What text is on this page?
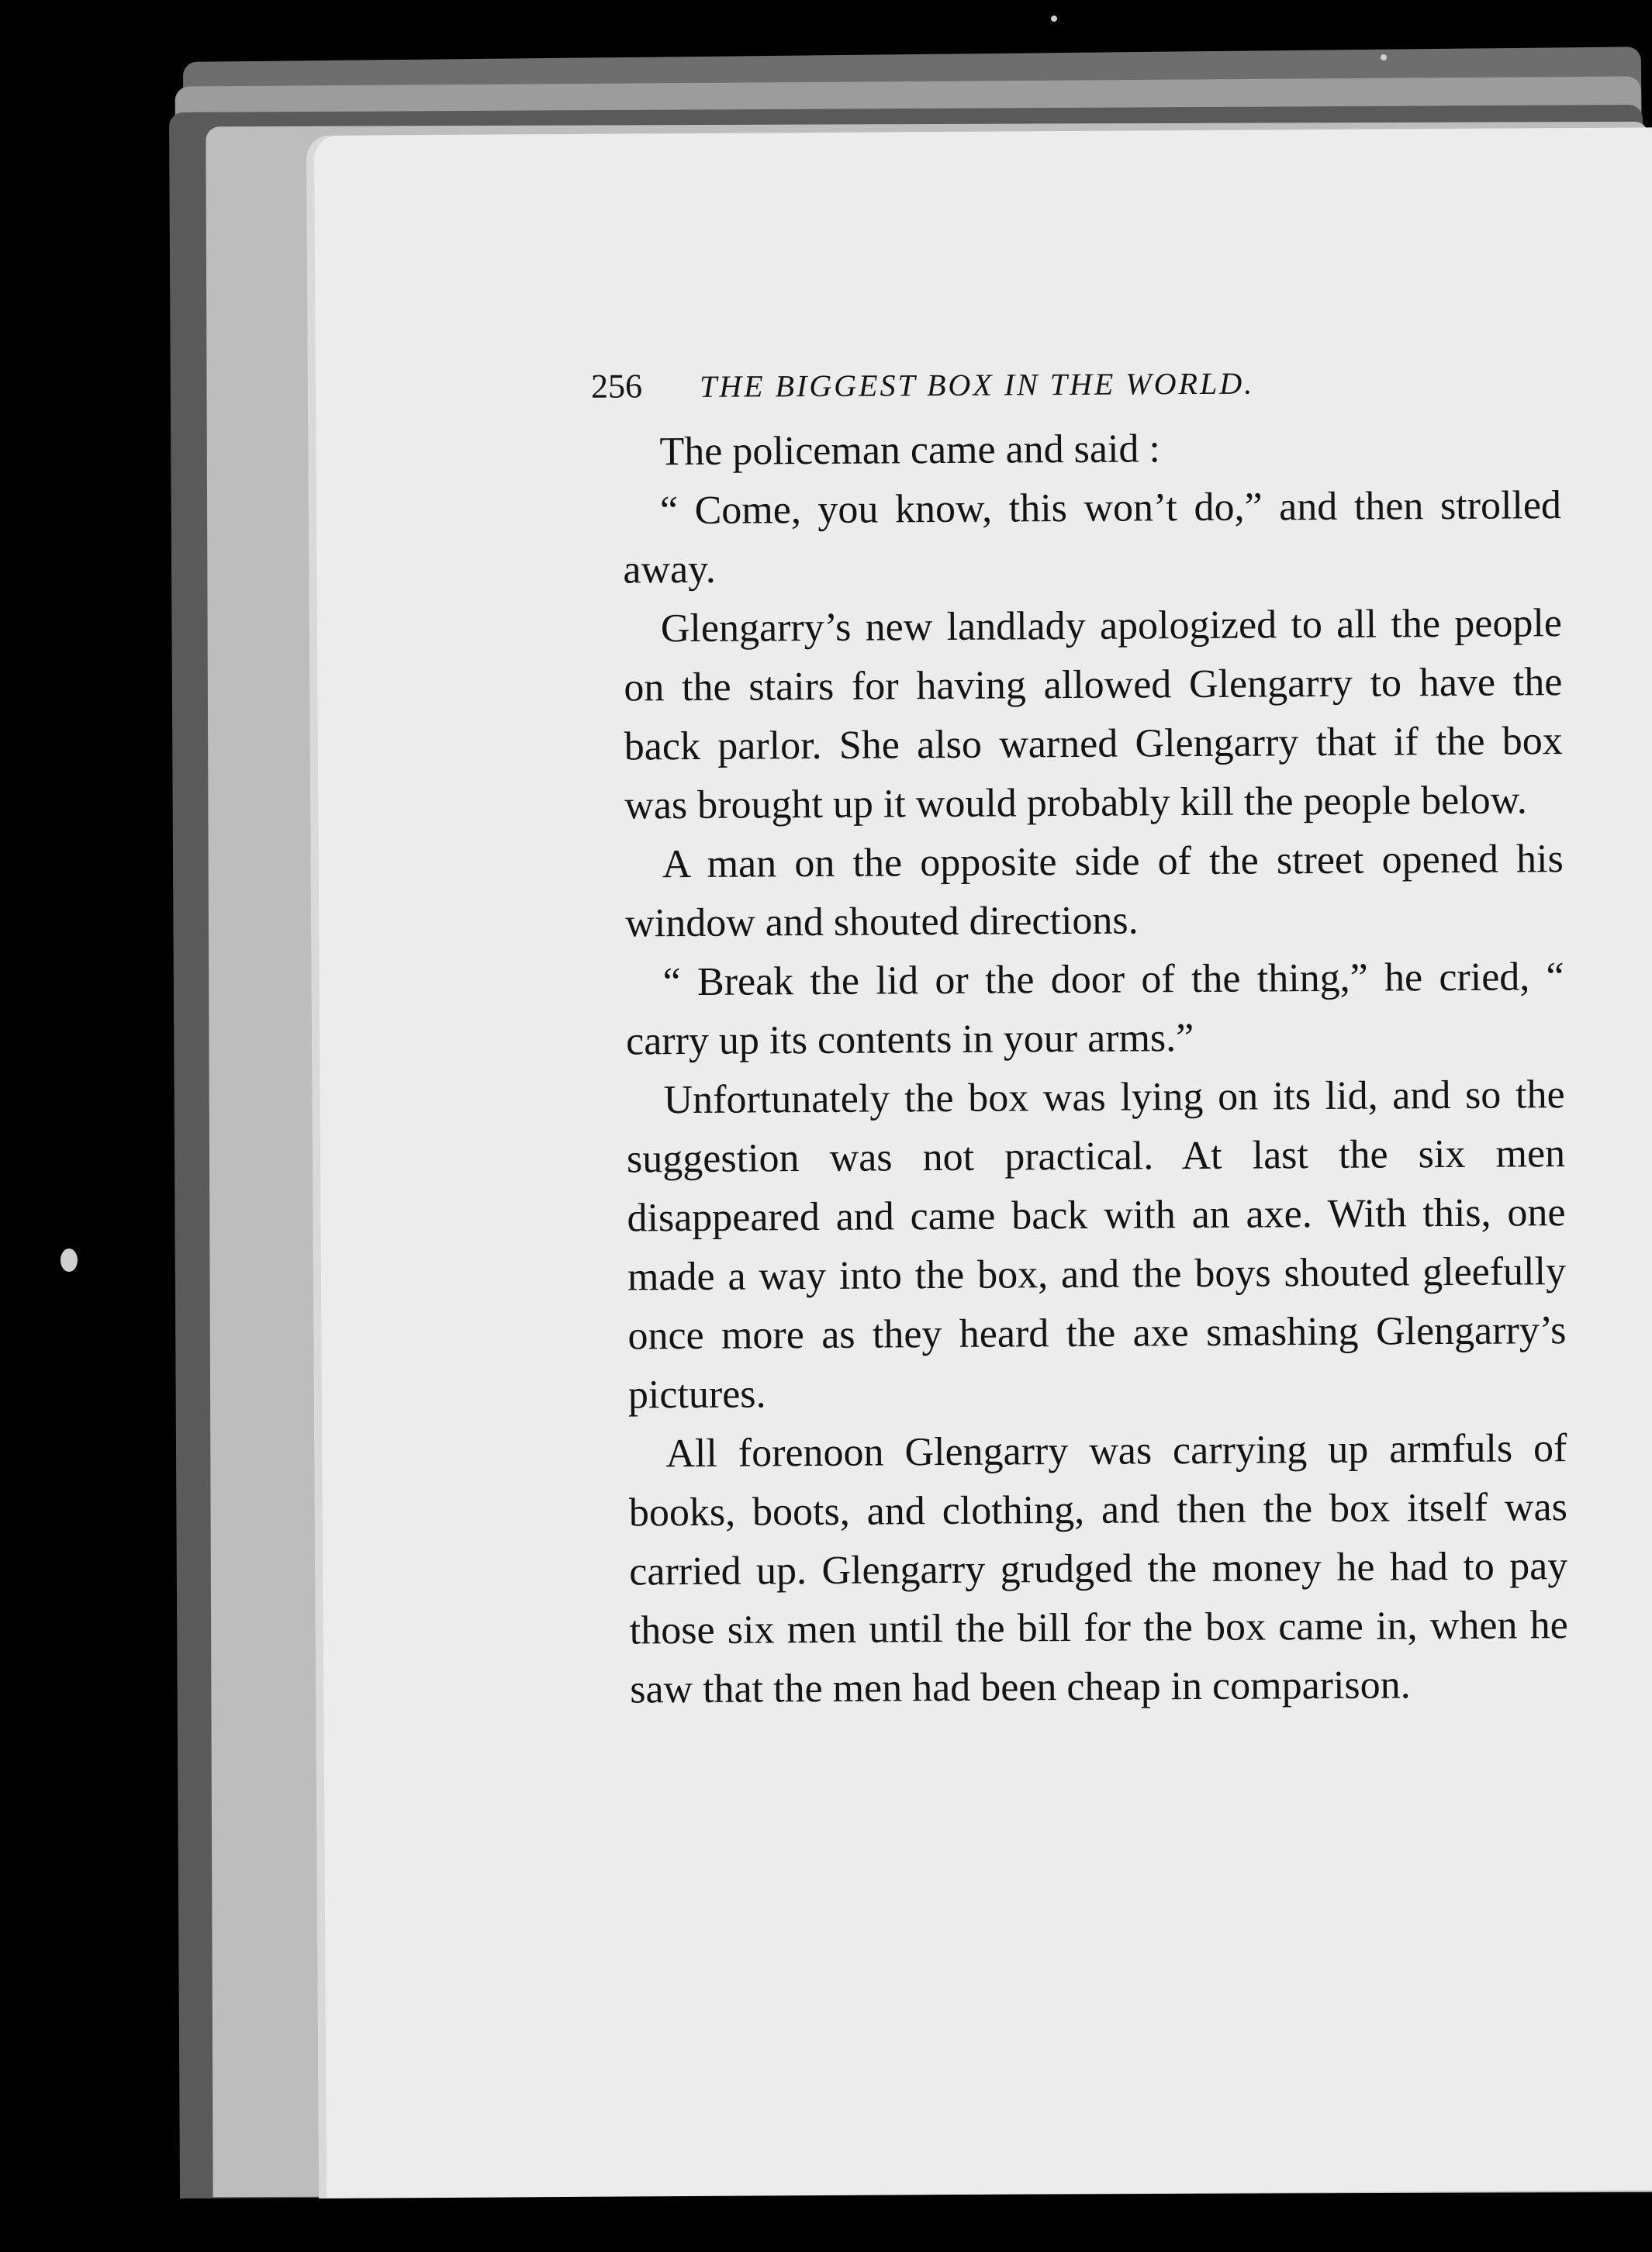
256	THE BIGGEST BOX IN THE WORLD.

The policeman came and said :

“ Come, you know, this won’t do,” and then strolled away.

Glengarry’s new landlady apologized to all the people on the stairs for having allowed Glengarry to have the back parlor. She also warned Glengarry that if the box was brought up it would probably kill the people below.

A man on the opposite side of the street opened his window and shouted directions.

“ Break the lid or the door of the thing,” he cried, “ carry up its contents in your arms.”

Unfortunately the box was lying on its lid, and so the suggestion was not practical. At last the six men disappeared and came back with an axe. With this, one made a way into the box, and the boys shouted gleefully once more as they heard the axe smashing Glengarry’s pictures.

All forenoon Glengarry was carrying up armfuls of books, boots, and clothing, and then the box itself was carried up. Glengarry grudged the money he had to pay those six men until the bill for the box came in, when he saw that the men had been cheap in comparison.
